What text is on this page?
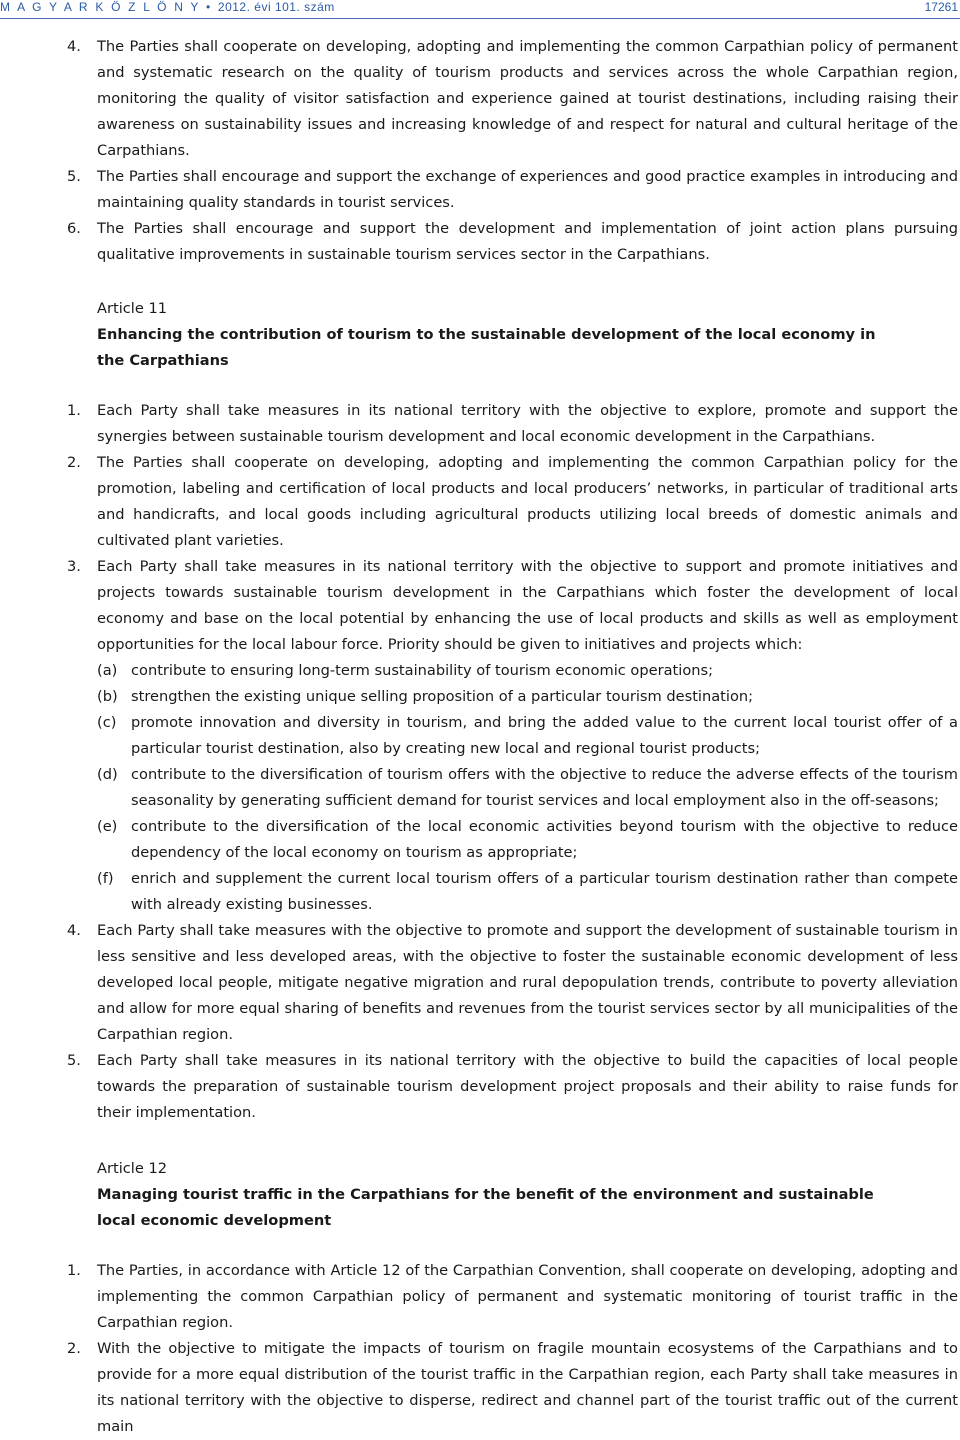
M A G Y A R K Ö Z L Ö N Y • 2012. évi 101. szám	17261
4.	The Parties shall cooperate on developing, adopting and implementing the common Carpathian policy of permanent and systematic research on the quality of tourism products and services across the whole Carpathian region, monitoring the quality of visitor satisfaction and experience gained at tourist destinations, including raising their awareness on sustainability issues and increasing knowledge of and respect for natural and cultural heritage of the Carpathians.
5.	The Parties shall encourage and support the exchange of experiences and good practice examples in introducing and maintaining quality standards in tourist services.
6.	The Parties shall encourage and support the development and implementation of joint action plans pursuing qualitative improvements in sustainable tourism services sector in the Carpathians.
Article 11
Enhancing the contribution of tourism to the sustainable development of the local economy in the Carpathians
1.	Each Party shall take measures in its national territory with the objective to explore, promote and support the synergies between sustainable tourism development and local economic development in the Carpathians.
2.	The Parties shall cooperate on developing, adopting and implementing the common Carpathian policy for the promotion, labeling and certification of local products and local producers’ networks, in particular of traditional arts and handicrafts, and local goods including agricultural products utilizing local breeds of domestic animals and cultivated plant varieties.
3.	Each Party shall take measures in its national territory with the objective to support and promote initiatives and projects towards sustainable tourism development in the Carpathians which foster the development of local economy and base on the local potential by enhancing the use of local products and skills as well as employment opportunities for the local labour force. Priority should be given to initiatives and projects which:
(a) contribute to ensuring long-term sustainability of tourism economic operations;
(b) strengthen the existing unique selling proposition of a particular tourism destination;
(c) promote innovation and diversity in tourism, and bring the added value to the current local tourist offer of a particular tourist destination, also by creating new local and regional tourist products;
(d) contribute to the diversification of tourism offers with the objective to reduce the adverse effects of the tourism seasonality by generating sufficient demand for tourist services and local employment also in the off-seasons;
(e) contribute to the diversification of the local economic activities beyond tourism with the objective to reduce dependency of the local economy on tourism as appropriate;
(f) enrich and supplement the current local tourism offers of a particular tourism destination rather than compete with already existing businesses.
4.	Each Party shall take measures with the objective to promote and support the development of sustainable tourism in less sensitive and less developed areas, with the objective to foster the sustainable economic development of less developed local people, mitigate negative migration and rural depopulation trends, contribute to poverty alleviation and allow for more equal sharing of benefits and revenues from the tourist services sector by all municipalities of the Carpathian region.
5.	Each Party shall take measures in its national territory with the objective to build the capacities of local people towards the preparation of sustainable tourism development project proposals and their ability to raise funds for their implementation.
Article 12
Managing tourist traffic in the Carpathians for the benefit of the environment and sustainable local economic development
1.	The Parties, in accordance with Article 12 of the Carpathian Convention, shall cooperate on developing, adopting and implementing the common Carpathian policy of permanent and systematic monitoring of tourist traffic in the Carpathian region.
2.	With the objective to mitigate the impacts of tourism on fragile mountain ecosystems of the Carpathians and to provide for a more equal distribution of the tourist traffic in the Carpathian region, each Party shall take measures in its national territory with the objective to disperse, redirect and channel part of the tourist traffic out of the current main
